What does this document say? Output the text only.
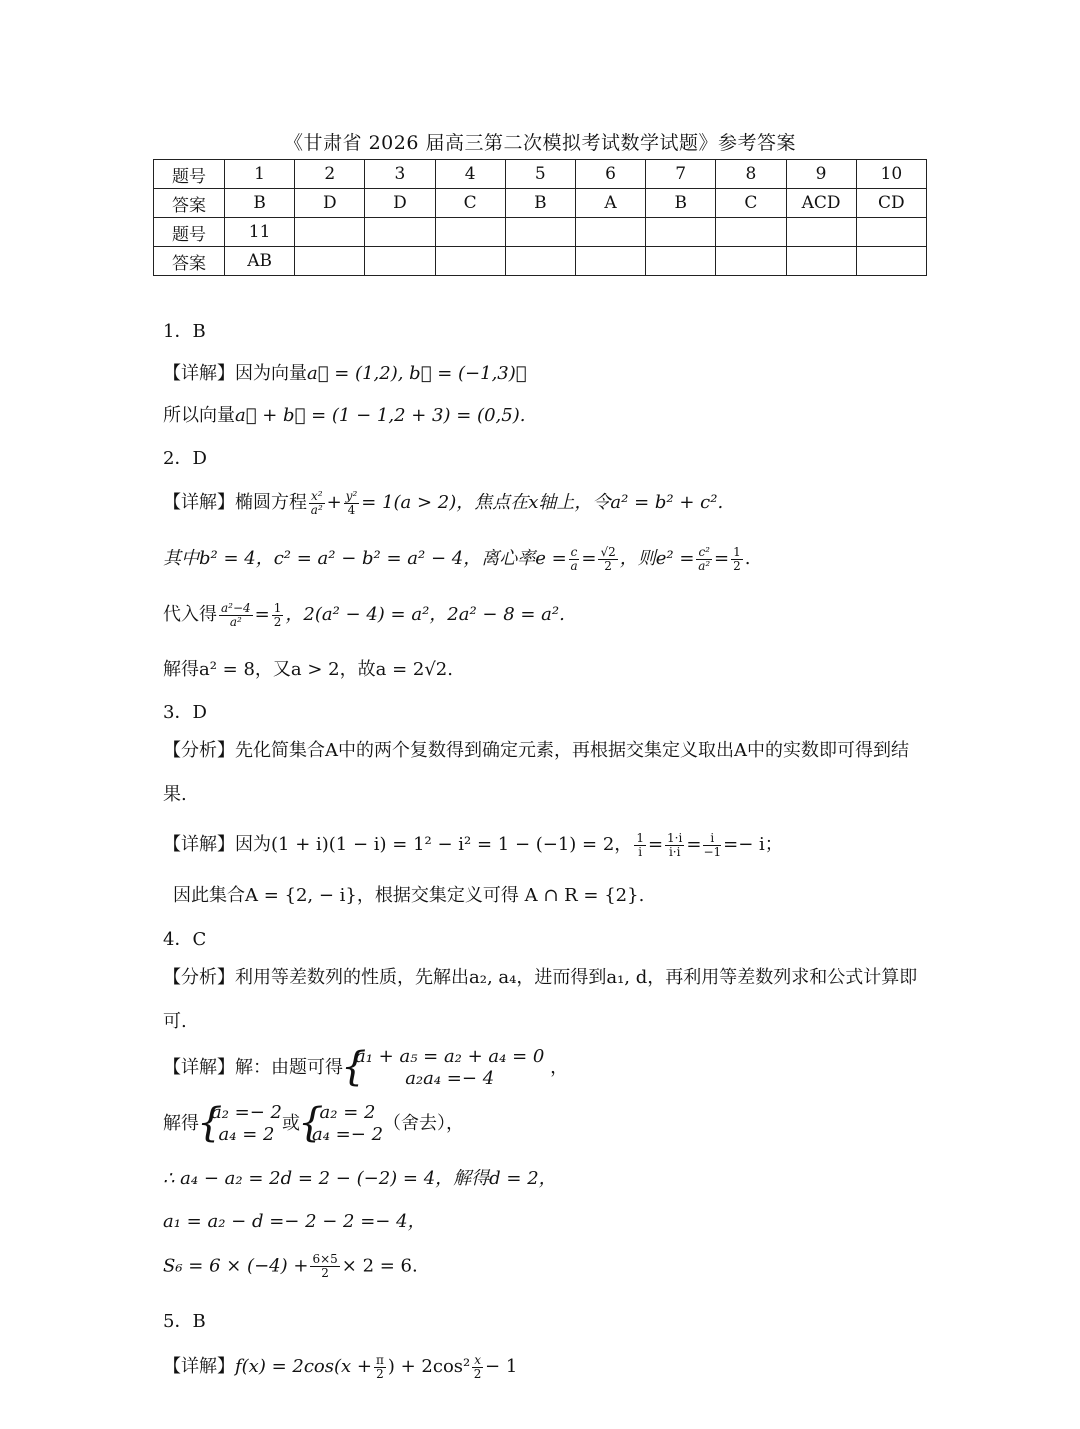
《甘肃省 2026 届高三第二次模拟考试数学试题》参考答案
题号	1	2	3	4	5	6	7	8	9	10
答案	B	D	D	C	B	A	B	C	ACD	CD
题号	11									
答案	AB									
1．B
【详解】因为向量a⃗ = (1,2), b⃗ = (−1,3)，
所以向量a⃗ + b⃗ = (1 − 1,2 + 3) = (0,5).
2．D
【详解】椭圆方程 $\frac{\text{x²}}{\text{a²}} + \frac{\text{y²}}{4} = 1(a > 2)$，焦点在x轴上，令a² = b² + c².
其中b² = 4，c² = a² − b² = a² − 4，离心率$e = \frac{c}{a} = \frac{√2}{2}$ ，则$e^2 = \frac{\text{c²}}{\text{a²}} = \frac{1}{2}$ .
代入得 $\frac{\text{a²−4}}{\text{a²}} = \frac{1}{2}$ ，2(a² − 4) = a²，2a² − 8 = a².
解得a² = 8，又a > 2，故a = 2√2.
3．D
【分析】先化简集合A中的两个复数得到确定元素，再根据交集定义取出A中的实数即可得到结果.
【详解】因为(1 + i)(1 − i) = 1² − i² = 1 − (−1) = 2， $\frac{1}{i} = \frac{1\cdot i}{i\cdot i} = \frac{i}{-1} =- i$；
因此集合A = {2, − i}，根据交集定义可得 A ∩ R = {2}.
4．C
【分析】利用等差数列的性质，先解出a₂, a₄，进而得到a₁, d，再利用等差数列求和公式计算即可.
【详解】解：由题可得
{ a₁ + a₅ = a₂ + a₄ = 0
a₂a₄ =− 4
，
解得
{ a₂ =− 2
a₄ = 2
或
{ a₂ = 2
a₄ =− 2
（舍去），
∴ a₄ − a₂ = 2d = 2 − (−2) = 4，解得d = 2，
a₁ = a₂ − d =− 2 − 2 =− 4，
$S_6 = 6 \times (-4) + \frac{6\times 5}{2} \times 2 = 6$.
5．B
【详解】$f(x) = 2\cos(x + \frac{\pi}{2}$ ) + $2\cos^2 \frac{x}{2} - 1$
